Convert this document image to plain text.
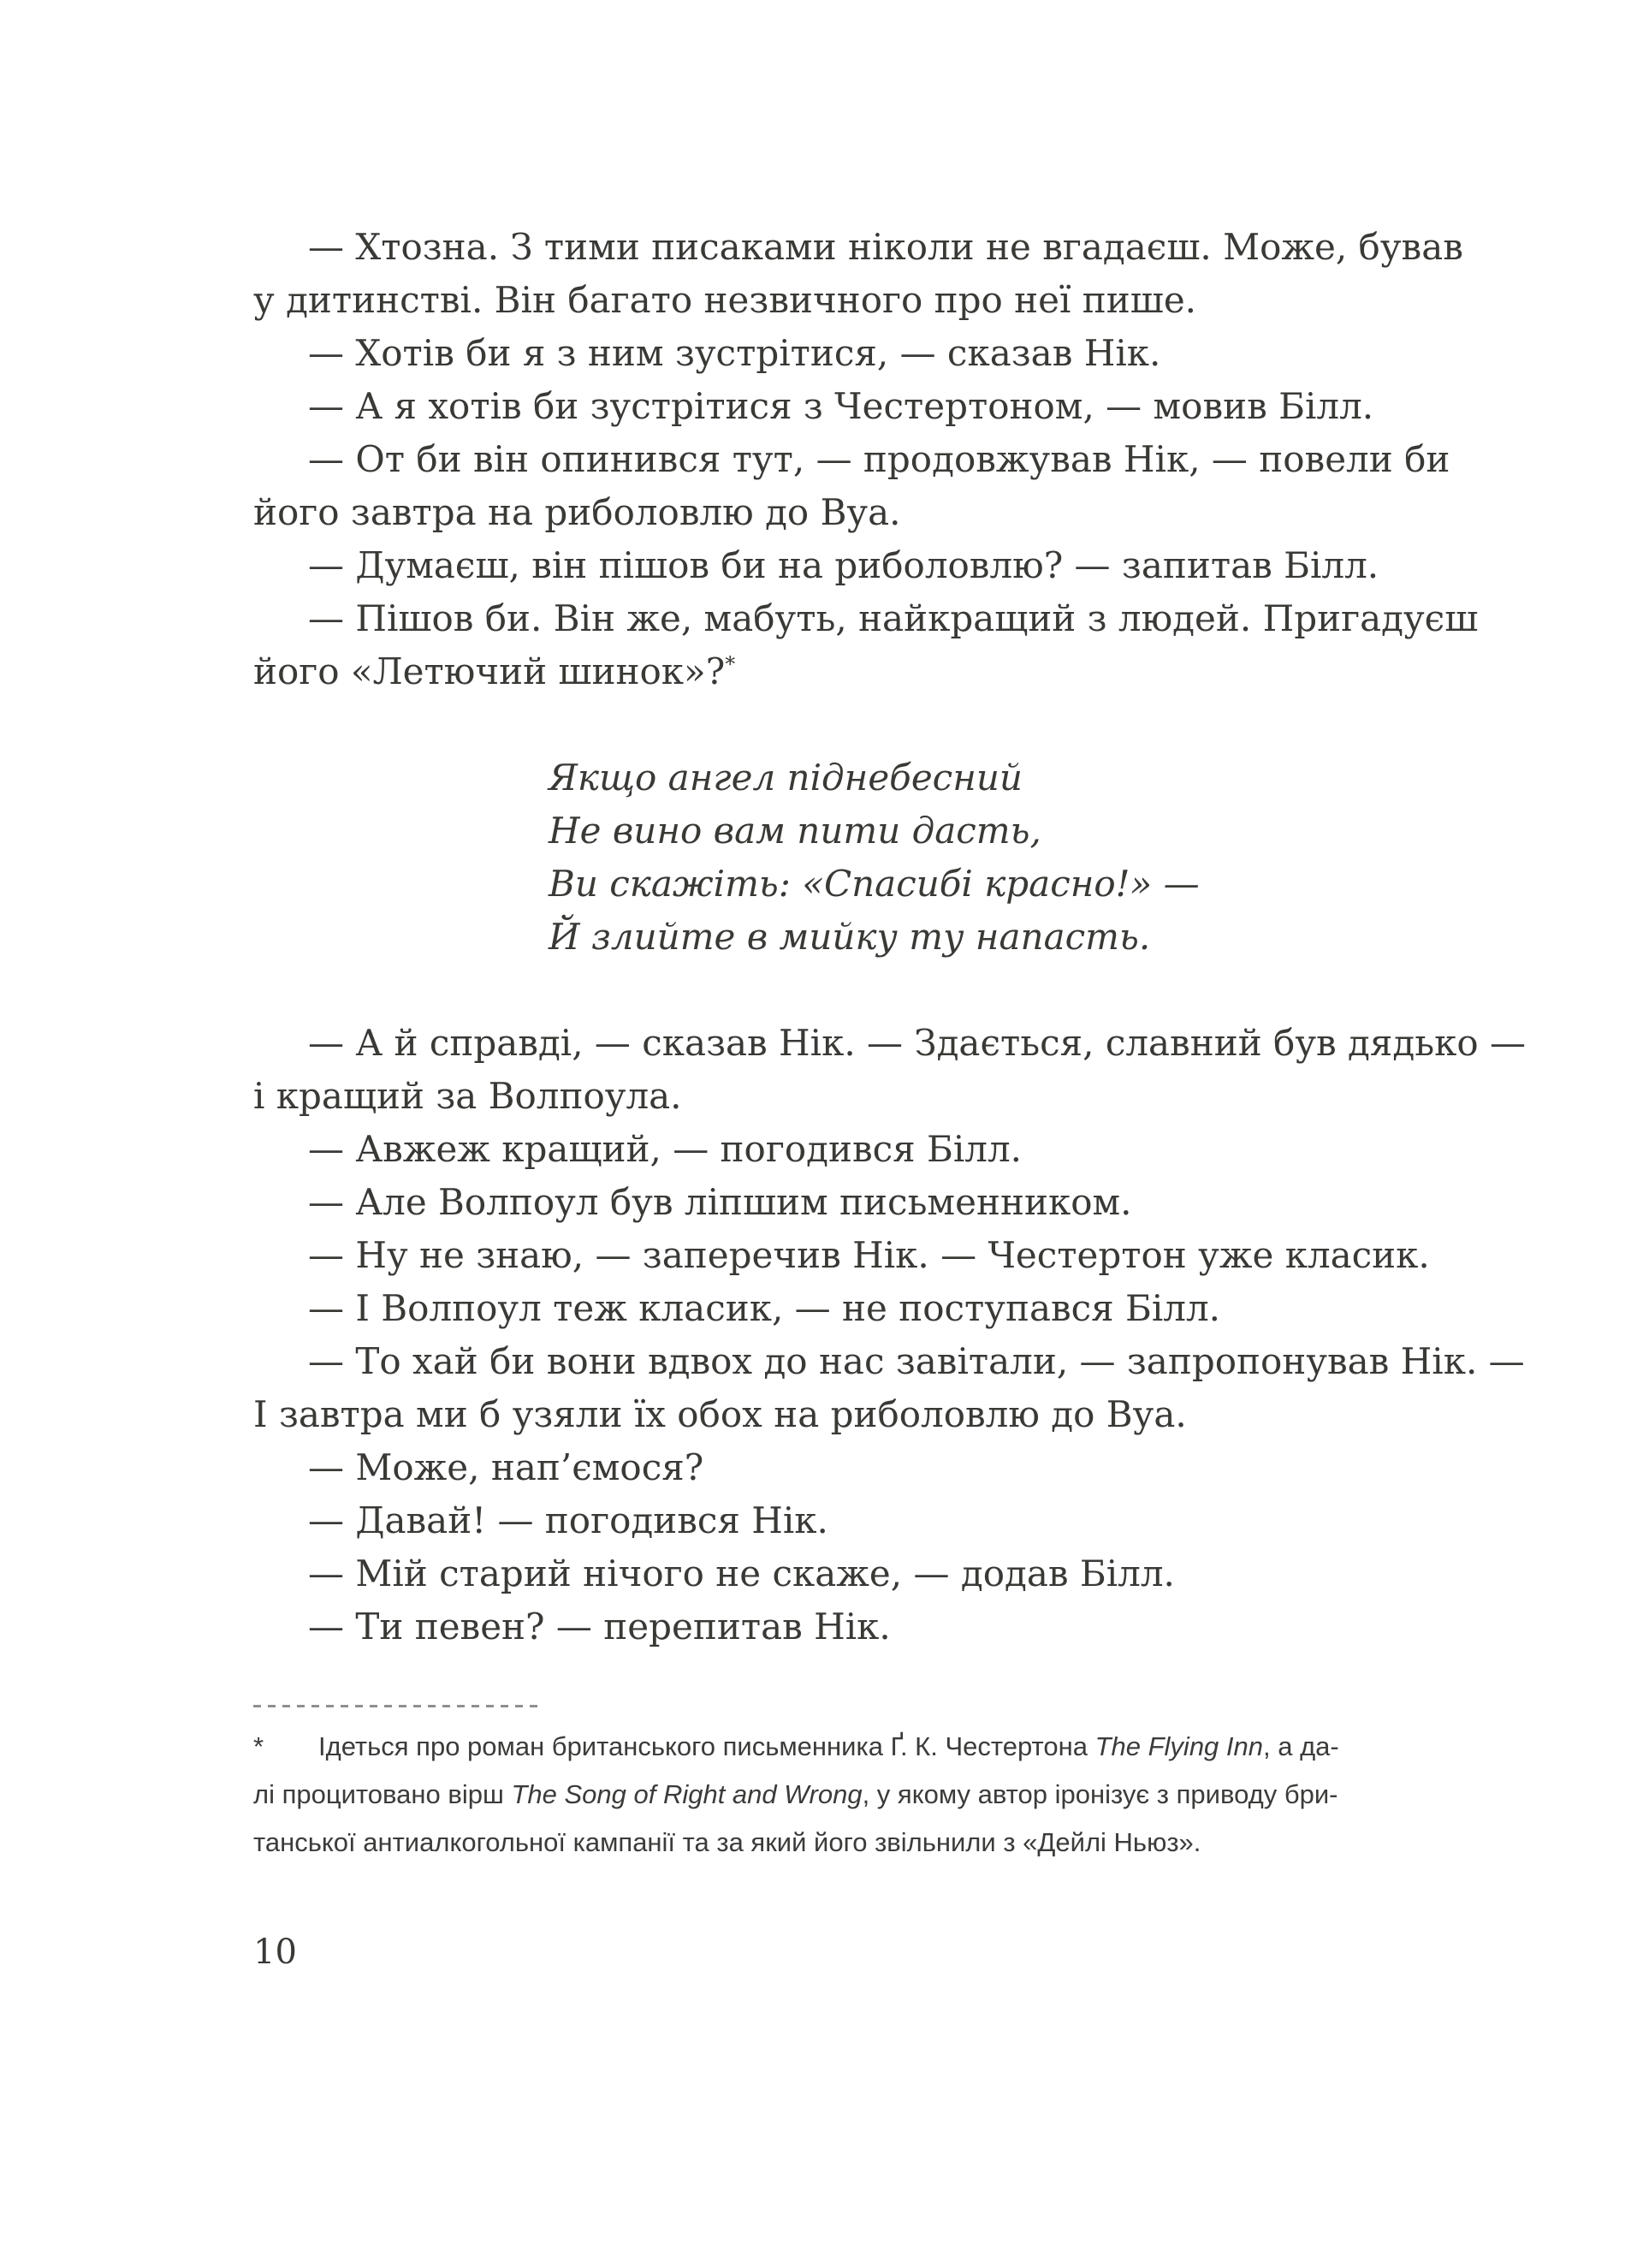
— Хтозна. З тими писаками ніколи не вгадаєш. Може, бував
у дитинстві. Він багато незвичного про неї пише.

— Хотів би я з ним зустрітися, — сказав Нік.

— А я хотів би зустрітися з Честертоном, — мовив Білл.

— От би він опинився тут, — продовжував Нік, — повели би
його завтра на риболовлю до Вуа.

— Думаєш, він пішов би на риболовлю? — запитав Білл.

— Пішов би. Він же, мабуть, найкращий з людей. Пригадуєш
його «Летючий шинок»?*

Якщо ангел піднебесний
Не вино вам пити дасть,
Ви скажіть: «Спасибі красно!» —
Й злийте в мийку ту напасть.

— А й справді, — сказав Нік. — Здається, славний був дядько —
і кращий за Волпоула.

— Авжеж кращий, — погодився Білл.

— Але Волпоул був ліпшим письменником.

— Ну не знаю, — заперечив Нік. — Честертон уже класик.

— І Волпоул теж класик, — не поступався Білл.

— То хай би вони вдвох до нас завітали, — запропонував Нік. —
І завтра ми б узяли їх обох на риболовлю до Вуа.

— Може, нап’ємося?

— Давай! — погодився Нік.

— Мій старий нічого не скаже, — додав Білл.

— Ти певен? — перепитав Нік.

* Ідеться про роман британського письменника Ґ. К. Честертона The Flying Inn, а да-
лі процитовано вірш The Song of Right and Wrong, у якому автор іронізує з приводу бри-
танської антиалкогольної кампанії та за який його звільнили з «Дейлі Ньюз».
10
